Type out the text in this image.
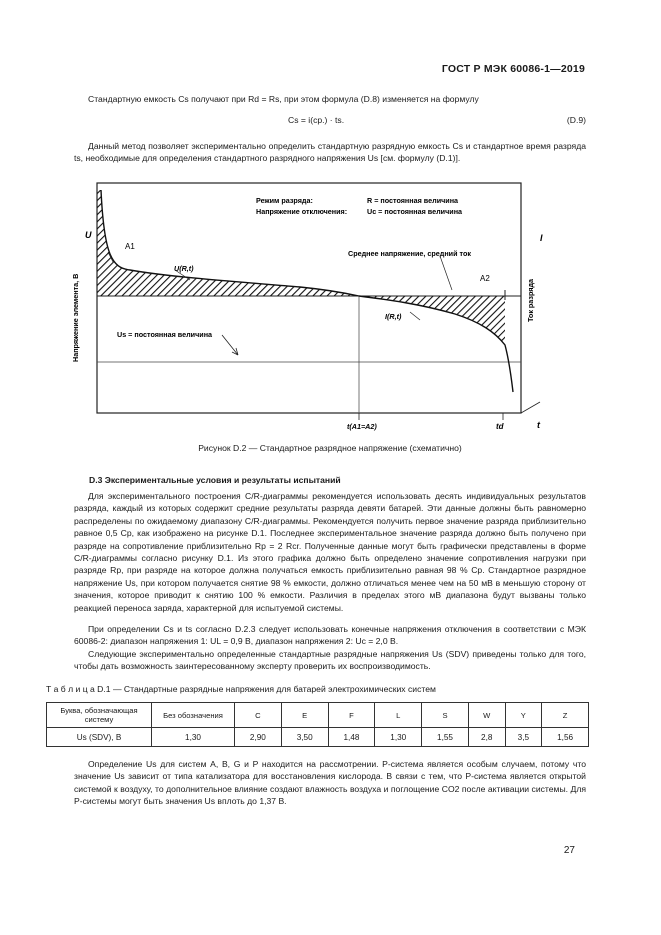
ГОСТ Р МЭК 60086-1—2019
Стандартную емкость Cs получают при Rd = Rs, при этом формула (D.8) изменяется на формулу
Cs = i(ср.) · ts.	(D.9)
Данный метод позволяет экспериментально определить стандартную разрядную емкость Cs и стандартное время разряда ts, необходимые для определения стандартного разрядного напряжения Us [см. формулу (D.1)].
Режим разряда:	R = постоянная величина
Напряжение отключения:	Uc = постоянная величина
U	I
t
Напряжение элемента, В	Ток разряда
A1
A2
U(R,t)
Среднее напряжение, средний ток
Us = постоянная величина
I(R,t)
t(A1=A2)	td
Рисунок D.2 — Стандартное разрядное напряжение (схематично)
D.3 Экспериментальные условия и результаты испытаний
Для экспериментального построения C/R-диаграммы рекомендуется использовать десять индивидуальных результатов разряда, каждый из которых содержит средние результаты разряда девяти батарей. Эти данные должны быть равномерно распределены по ожидаемому диапазону C/R-диаграммы. Рекомендуется получить первое значение разряда приблизительно равное 0,5 Cp, как изображено на рисунке D.1. Последнее экспериментальное значение разряда должно быть получено при разряде на сопротивление приблизительно Rp = 2 Rcr. Полученные данные могут быть графически представлены в форме C/R-диаграммы согласно рисунку D.1. Из этого графика должно быть определено значение сопротивления нагрузки при разряде Rp, при разряде на которое должна получаться емкость приблизительно равная 98 % Cp. Стандартное разрядное напряжение Us, при котором получается снятие 98 % емкости, должно отличаться менее чем на 50 мВ в меньшую сторону от значения, которое приводит к снятию 100 % емкости. Различия в пределах этого мВ диапазона будут вызваны только реакцией переноса заряда, характерной для испытуемой системы.
При определении Cs и ts согласно D.2.3 следует использовать конечные напряжения отключения в соответствии с МЭК 60086-2: диапазон напряжения 1: UL = 0,9 В, диапазон напряжения 2: Uc = 2,0 В.
Следующие экспериментально определенные стандартные разрядные напряжения Us (SDV) приведены только для того, чтобы дать возможность заинтересованному эксперту проверить их воспроизводимость.
Т а б л и ц а D.1 — Стандартные разрядные напряжения для батарей электрохимических систем
Буква, обозначающая систему	Без обозначения	C	E	F	L	S	W	Y	Z
Us (SDV), В	1,30	2,90	3,50	1,48	1,30	1,55	2,8	3,5	1,56
Определение Us для систем A, B, G и P находится на рассмотрении. P-система является особым случаем, потому что значение Us зависит от типа катализатора для восстановления кислорода. В связи с тем, что P-система является открытой системой к воздуху, то дополнительное влияние создают влажность воздуха и поглощение CO2 после активации системы. Для P-системы могут быть значения Us вплоть до 1,37 В.
27
